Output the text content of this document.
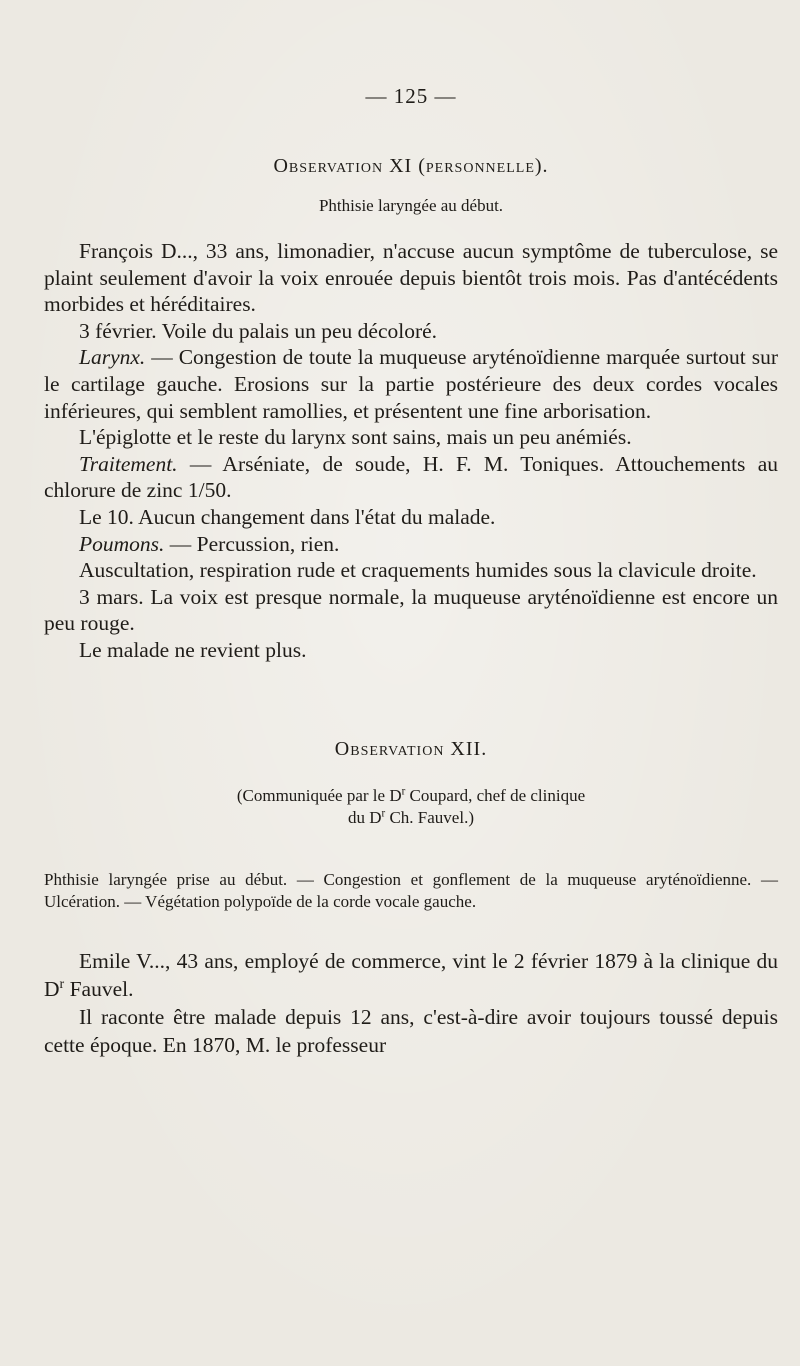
— 125 —
Observation XI (personnelle).
Phthisie laryngée au début.

François D..., 33 ans, limonadier, n'accuse aucun symptôme de tuberculose, se plaint seulement d'avoir la voix enrouée depuis bientôt trois mois. Pas d'antécédents morbides et héréditaires.

3 février. Voile du palais un peu décoloré.

Larynx. — Congestion de toute la muqueuse aryténoïdienne marquée surtout sur le cartilage gauche. Erosions sur la partie postérieure des deux cordes vocales inférieures, qui semblent ramollies, et présentent une fine arborisation.

L'épiglotte et le reste du larynx sont sains, mais un peu anémiés.

Traitement. — Arséniate, de soude, H. F. M. Toniques. Attouchements au chlorure de zinc 1/50.

Le 10. Aucun changement dans l'état du malade.

Poumons. — Percussion, rien.

Auscultation, respiration rude et craquements humides sous la clavicule droite.

3 mars. La voix est presque normale, la muqueuse aryténoïdienne est encore un peu rouge.

Le malade ne revient plus.

Observation XII.
(Communiquée par le $D^r$ Coupard, chef de clinique
du $D^r$ Ch. Fauvel.)
Phthisie laryngée prise au début. — Congestion et gonflement de la muqueuse aryténoïdienne. — Ulcération. — Végétation polypoïde de la corde vocale gauche.

Emile V..., 43 ans, employé de commerce, vint le 2 février 1879 à la clinique du $D^r$ Fauvel.

Il raconte être malade depuis 12 ans, c'est-à-dire avoir toujours toussé depuis cette époque. En 1870, M. le professeur
